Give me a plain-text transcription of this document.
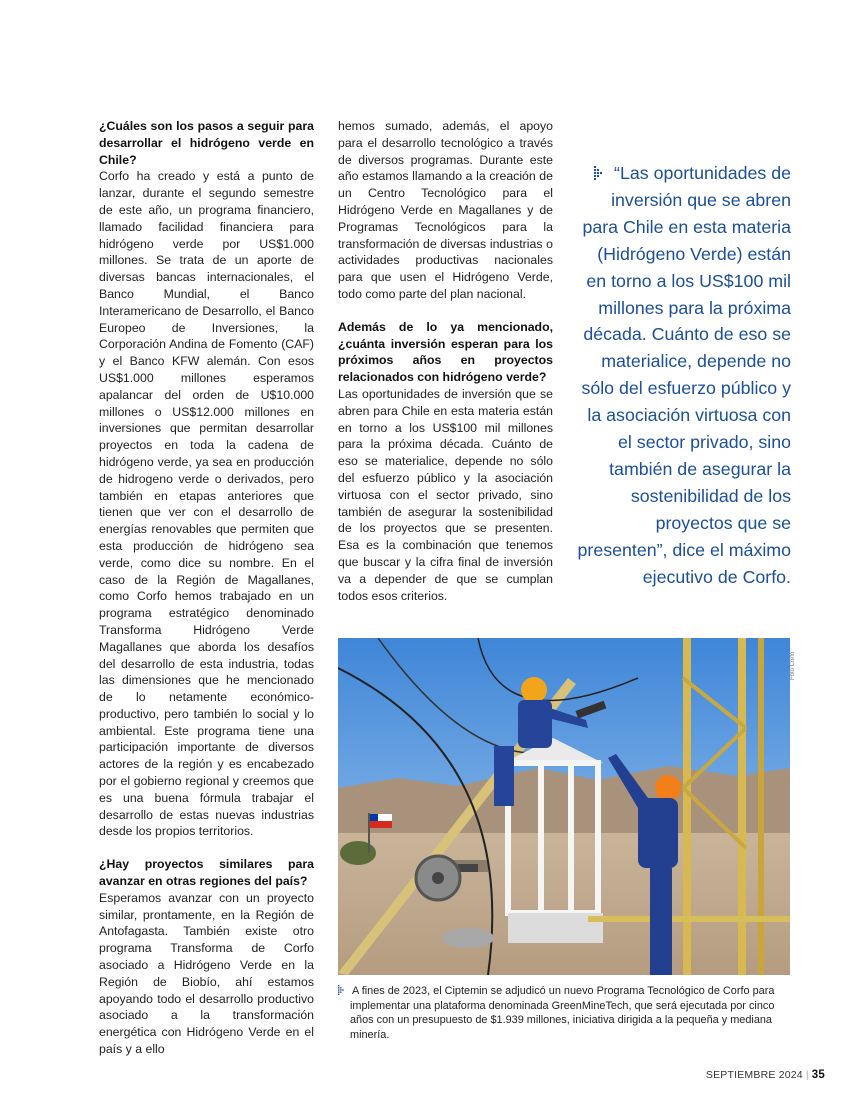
¿Cuáles son los pasos a seguir para desarrollar el hidrógeno verde en Chile?
Corfo ha creado y está a punto de lanzar, durante el segundo semestre de este año, un programa financiero, llamado facilidad financiera para hidrógeno verde por US$1.000 millones. Se trata de un aporte de diversas bancas internacionales, el Banco Mundial, el Banco Interamericano de Desarrollo, el Banco Europeo de Inversiones, la Corporación Andina de Fomento (CAF) y el Banco KFW alemán. Con esos US$1.000 millones esperamos apalancar del orden de U$10.000 millones o US$12.000 millones en inversiones que permitan desarrollar proyectos en toda la cadena de hidrógeno verde, ya sea en producción de hidrogeno verde o derivados, pero también en etapas anteriores que tienen que ver con el desarrollo de energías renovables que permiten que esta producción de hidrógeno sea verde, como dice su nombre. En el caso de la Región de Magallanes, como Corfo hemos trabajado en un programa estratégico denominado Transforma Hidrógeno Verde Magallanes que aborda los desafíos del desarrollo de esta industria, todas las dimensiones que he mencionado de lo netamente económico-productivo, pero también lo social y lo ambiental. Este programa tiene una participación importante de diversos actores de la región y es encabezado por el gobierno regional y creemos que es una buena fórmula trabajar el desarrollo de estas nuevas industrias desde los propios territorios.

¿Hay proyectos similares para avanzar en otras regiones del país?
Esperamos avanzar con un proyecto similar, prontamente, en la Región de Antofagasta. También existe otro programa Transforma de Corfo asociado a Hidrógeno Verde en la Región de Biobío, ahí estamos apoyando todo el desarrollo productivo asociado a la transformación energética con Hidrógeno Verde en el país y a ello

hemos sumado, además, el apoyo para el desarrollo tecnológico a través de diversos programas. Durante este año estamos llamando a la creación de un Centro Tecnológico para el Hidrógeno Verde en Magallanes y de Programas Tecnológicos para la transformación de diversas industrias o actividades productivas nacionales para que usen el Hidrógeno Verde, todo como parte del plan nacional.

Además de lo ya mencionado, ¿cuánta inversión esperan para los próximos años en proyectos relacionados con hidrógeno verde?
Las oportunidades de inversión que se abren para Chile en esta materia están en torno a los US$100 mil millones para la próxima década. Cuánto de eso se materialice, depende no sólo del esfuerzo público y la asociación virtuosa con el sector privado, sino también de asegurar la sostenibilidad de los proyectos que se presenten. Esa es la combinación que tenemos que buscar y la cifra final de inversión va a depender de que se cumplan todos esos criterios.

“Las oportunidades de inversión que se abren para Chile en esta materia (Hidrógeno Verde) están en torno a los US$100 mil millones para la próxima década. Cuánto de eso se materialice, depende no sólo del esfuerzo público y la asociación virtuosa con el sector privado, sino también de asegurar la sostenibilidad de los proyectos que se presenten”, dice el máximo ejecutivo de Corfo.
Foto Corfo
A fines de 2023, el Ciptemin se adjudicó un nuevo Programa Tecnológico de Corfo para implementar una plataforma denominada GreenMineTech, que será ejecutada por cinco años con un presupuesto de $1.939 millones, iniciativa dirigida a la pequeña y mediana minería.
SEPTIEMBRE 2024 | 35
